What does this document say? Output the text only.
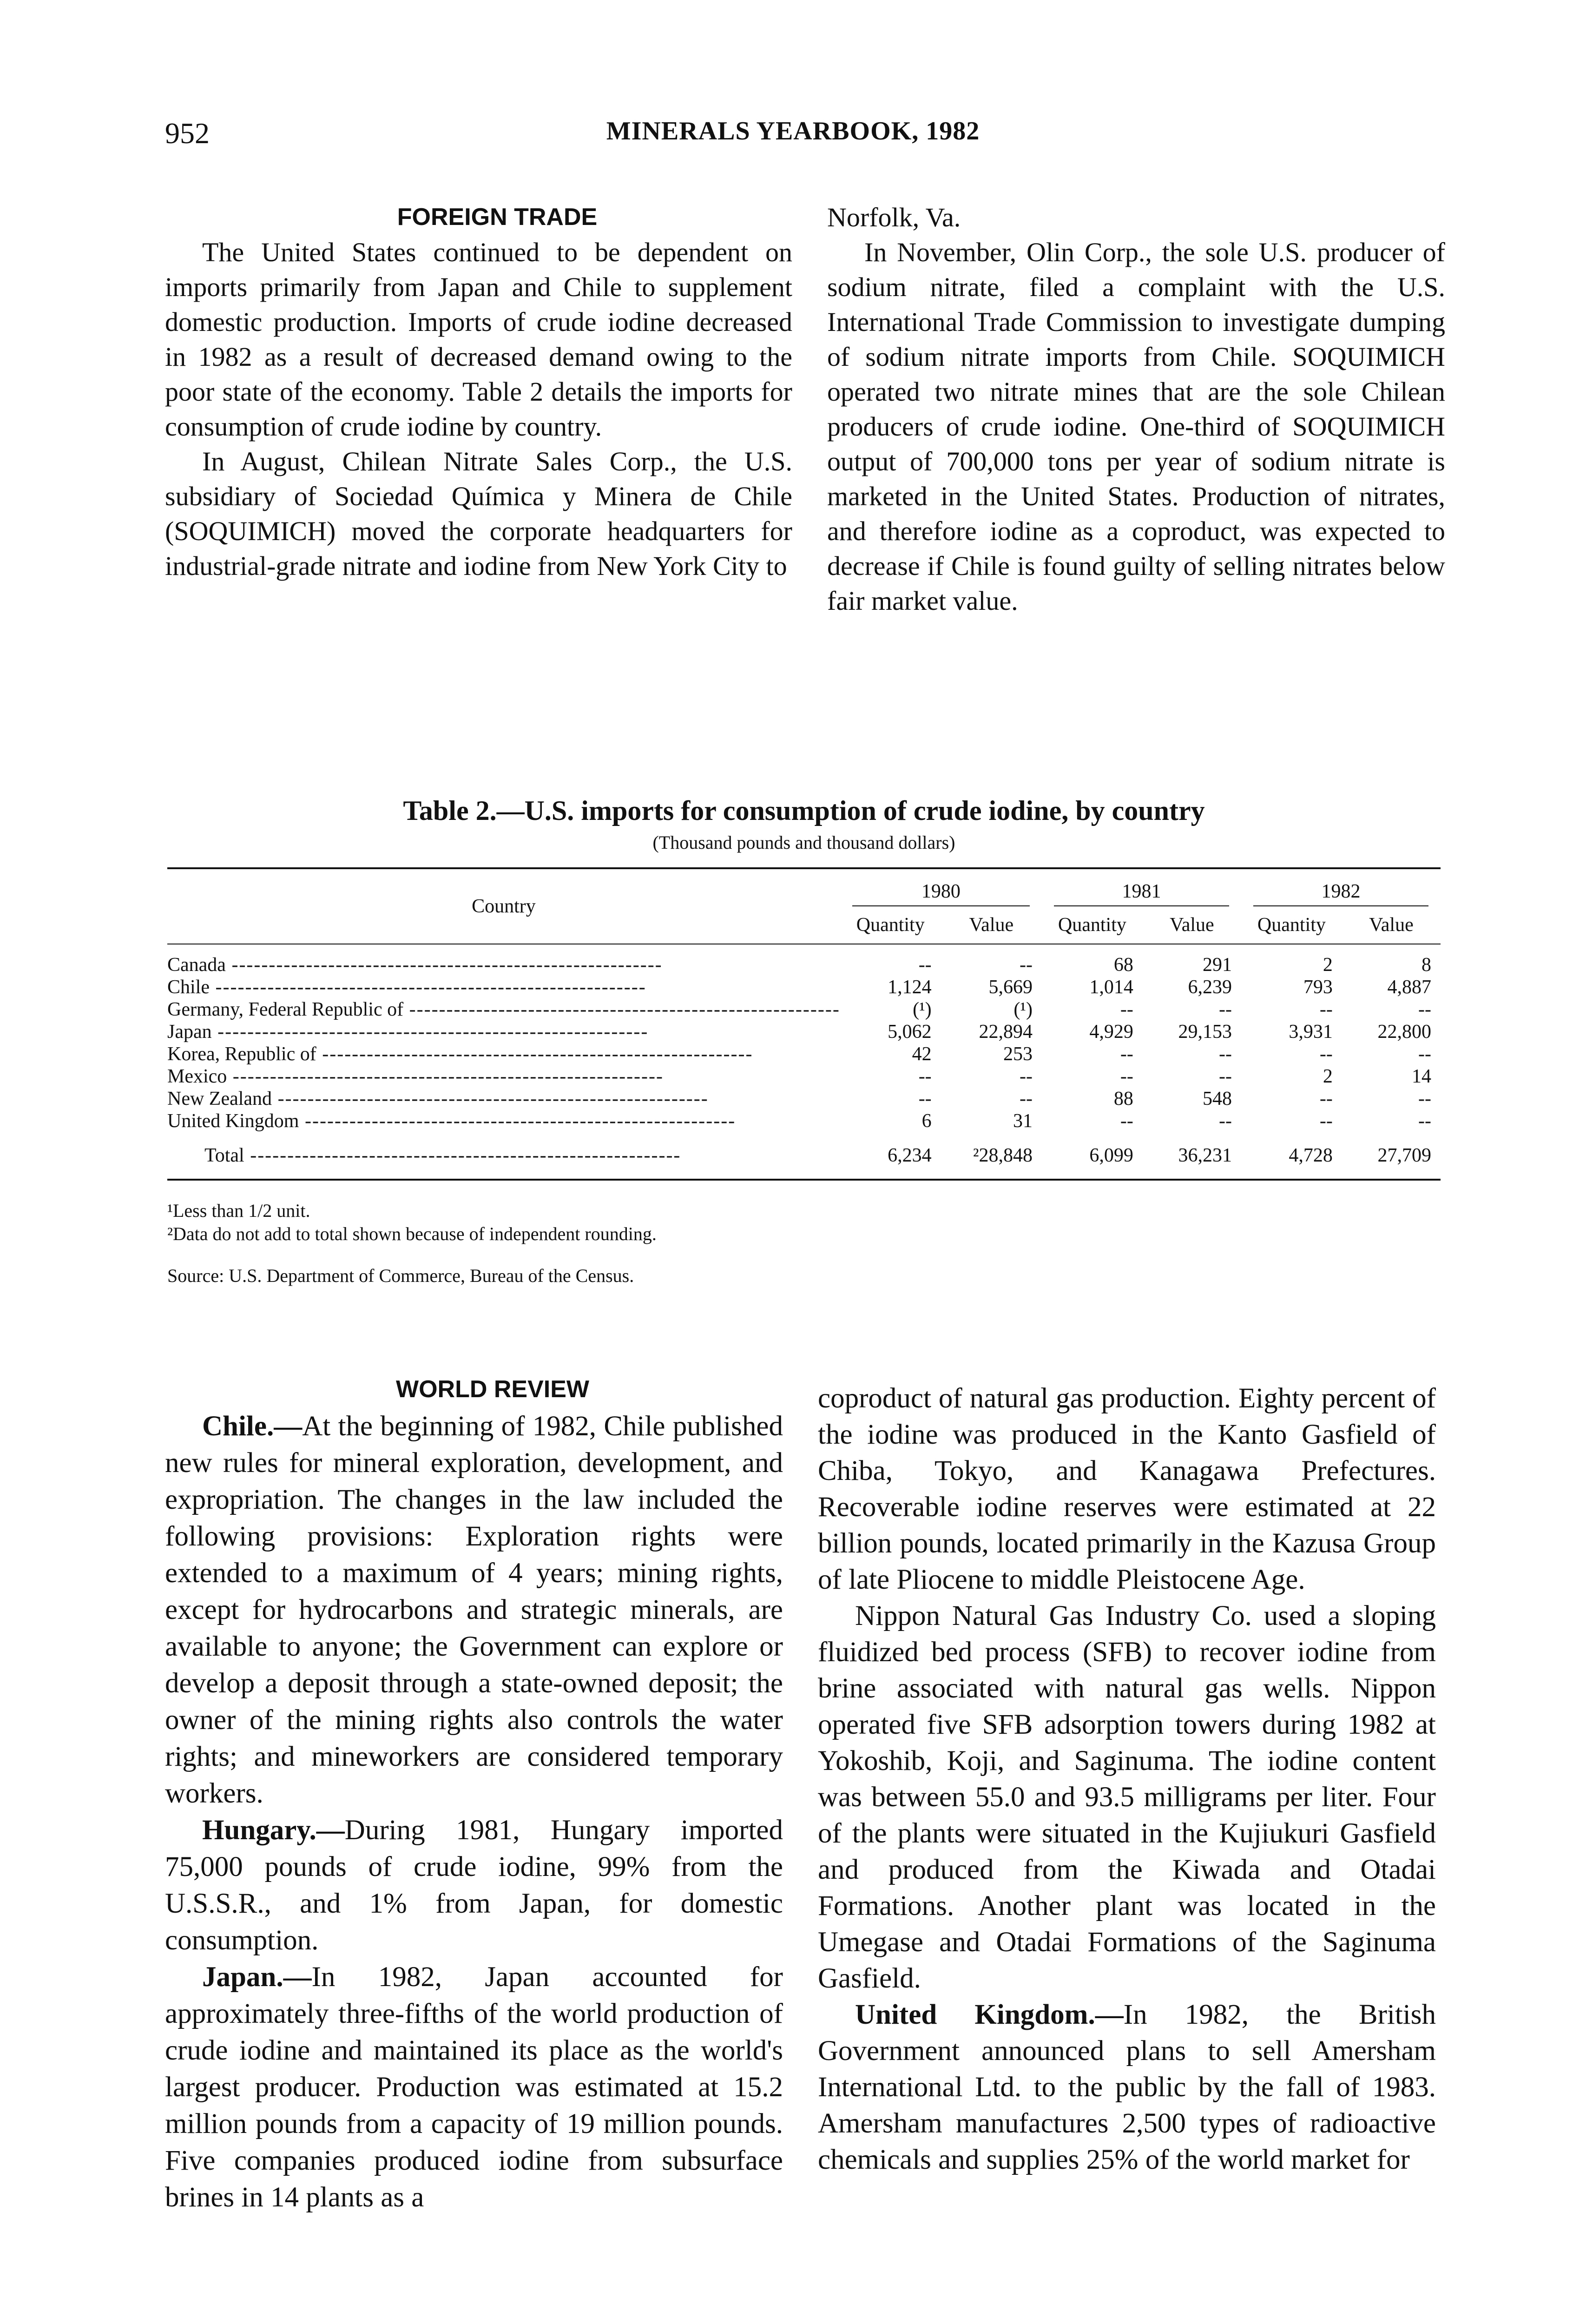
952	MINERALS YEARBOOK, 1982

FOREIGN TRADE

The United States continued to be dependent on imports primarily from Japan and Chile to supplement domestic production. Imports of crude iodine decreased in 1982 as a result of decreased demand owing to the poor state of the economy. Table 2 details the imports for consumption of crude iodine by country.

In August, Chilean Nitrate Sales Corp., the U.S. subsidiary of Sociedad Química y Minera de Chile (SOQUIMICH) moved the corporate headquarters for industrial-grade nitrate and iodine from New York City to

Norfolk, Va.

In November, Olin Corp., the sole U.S. producer of sodium nitrate, filed a complaint with the U.S. International Trade Commission to investigate dumping of sodium nitrate imports from Chile. SOQUIMICH operated two nitrate mines that are the sole Chilean producers of crude iodine. One-third of SOQUIMICH output of 700,000 tons per year of sodium nitrate is marketed in the United States. Production of nitrates, and therefore iodine as a coproduct, was expected to decrease if Chile is found guilty of selling nitrates below fair market value.

Table 2.—U.S. imports for consumption of crude iodine, by country
(Thousand pounds and thousand dollars)
Country	1980		1981		1982	
	Quantity	Value	Quantity	Value	Quantity	Value

Canada ----------------------------------------------------------	--	--	68	291	2	8
Chile ----------------------------------------------------------	1,124	5,669	1,014	6,239	793	4,887
Germany, Federal Republic of ----------------------------------------------------------	(¹)	(¹)	--	--	--	--
Japan ----------------------------------------------------------	5,062	22,894	4,929	29,153	3,931	22,800
Korea, Republic of ----------------------------------------------------------	42	253	--	--	--	--
Mexico ----------------------------------------------------------	--	--	--	--	2	14
New Zealand ----------------------------------------------------------	--	--	88	548	--	--
United Kingdom ----------------------------------------------------------	6	31	--	--	--	--
Total ----------------------------------------------------------	6,234	²28,848	6,099	36,231	4,728	27,709
¹Less than 1/2 unit.
²Data do not add to total shown because of independent rounding.
Source: U.S. Department of Commerce, Bureau of the Census.

WORLD REVIEW

Chile.—At the beginning of 1982, Chile published new rules for mineral exploration, development, and expropriation. The changes in the law included the following provisions: Exploration rights were extended to a maximum of 4 years; mining rights, except for hydrocarbons and strategic minerals, are available to anyone; the Government can explore or develop a deposit through a state-owned deposit; the owner of the mining rights also controls the water rights; and mineworkers are considered temporary workers.

Hungary.—During 1981, Hungary imported 75,000 pounds of crude iodine, 99% from the U.S.S.R., and 1% from Japan, for domestic consumption.

Japan.—In 1982, Japan accounted for approximately three-fifths of the world production of crude iodine and maintained its place as the world's largest producer. Production was estimated at 15.2 million pounds from a capacity of 19 million pounds. Five companies produced iodine from subsurface brines in 14 plants as a

coproduct of natural gas production. Eighty percent of the iodine was produced in the Kanto Gasfield of Chiba, Tokyo, and Kanagawa Prefectures. Recoverable iodine reserves were estimated at 22 billion pounds, located primarily in the Kazusa Group of late Pliocene to middle Pleistocene Age.

Nippon Natural Gas Industry Co. used a sloping fluidized bed process (SFB) to recover iodine from brine associated with natural gas wells. Nippon operated five SFB adsorption towers during 1982 at Yokoshib, Koji, and Saginuma. The iodine content was between 55.0 and 93.5 milligrams per liter. Four of the plants were situated in the Kujiukuri Gasfield and produced from the Kiwada and Otadai Formations. Another plant was located in the Umegase and Otadai Formations of the Saginuma Gasfield.

United Kingdom.—In 1982, the British Government announced plans to sell Amersham International Ltd. to the public by the fall of 1983. Amersham manufactures 2,500 types of radioactive chemicals and supplies 25% of the world market for
